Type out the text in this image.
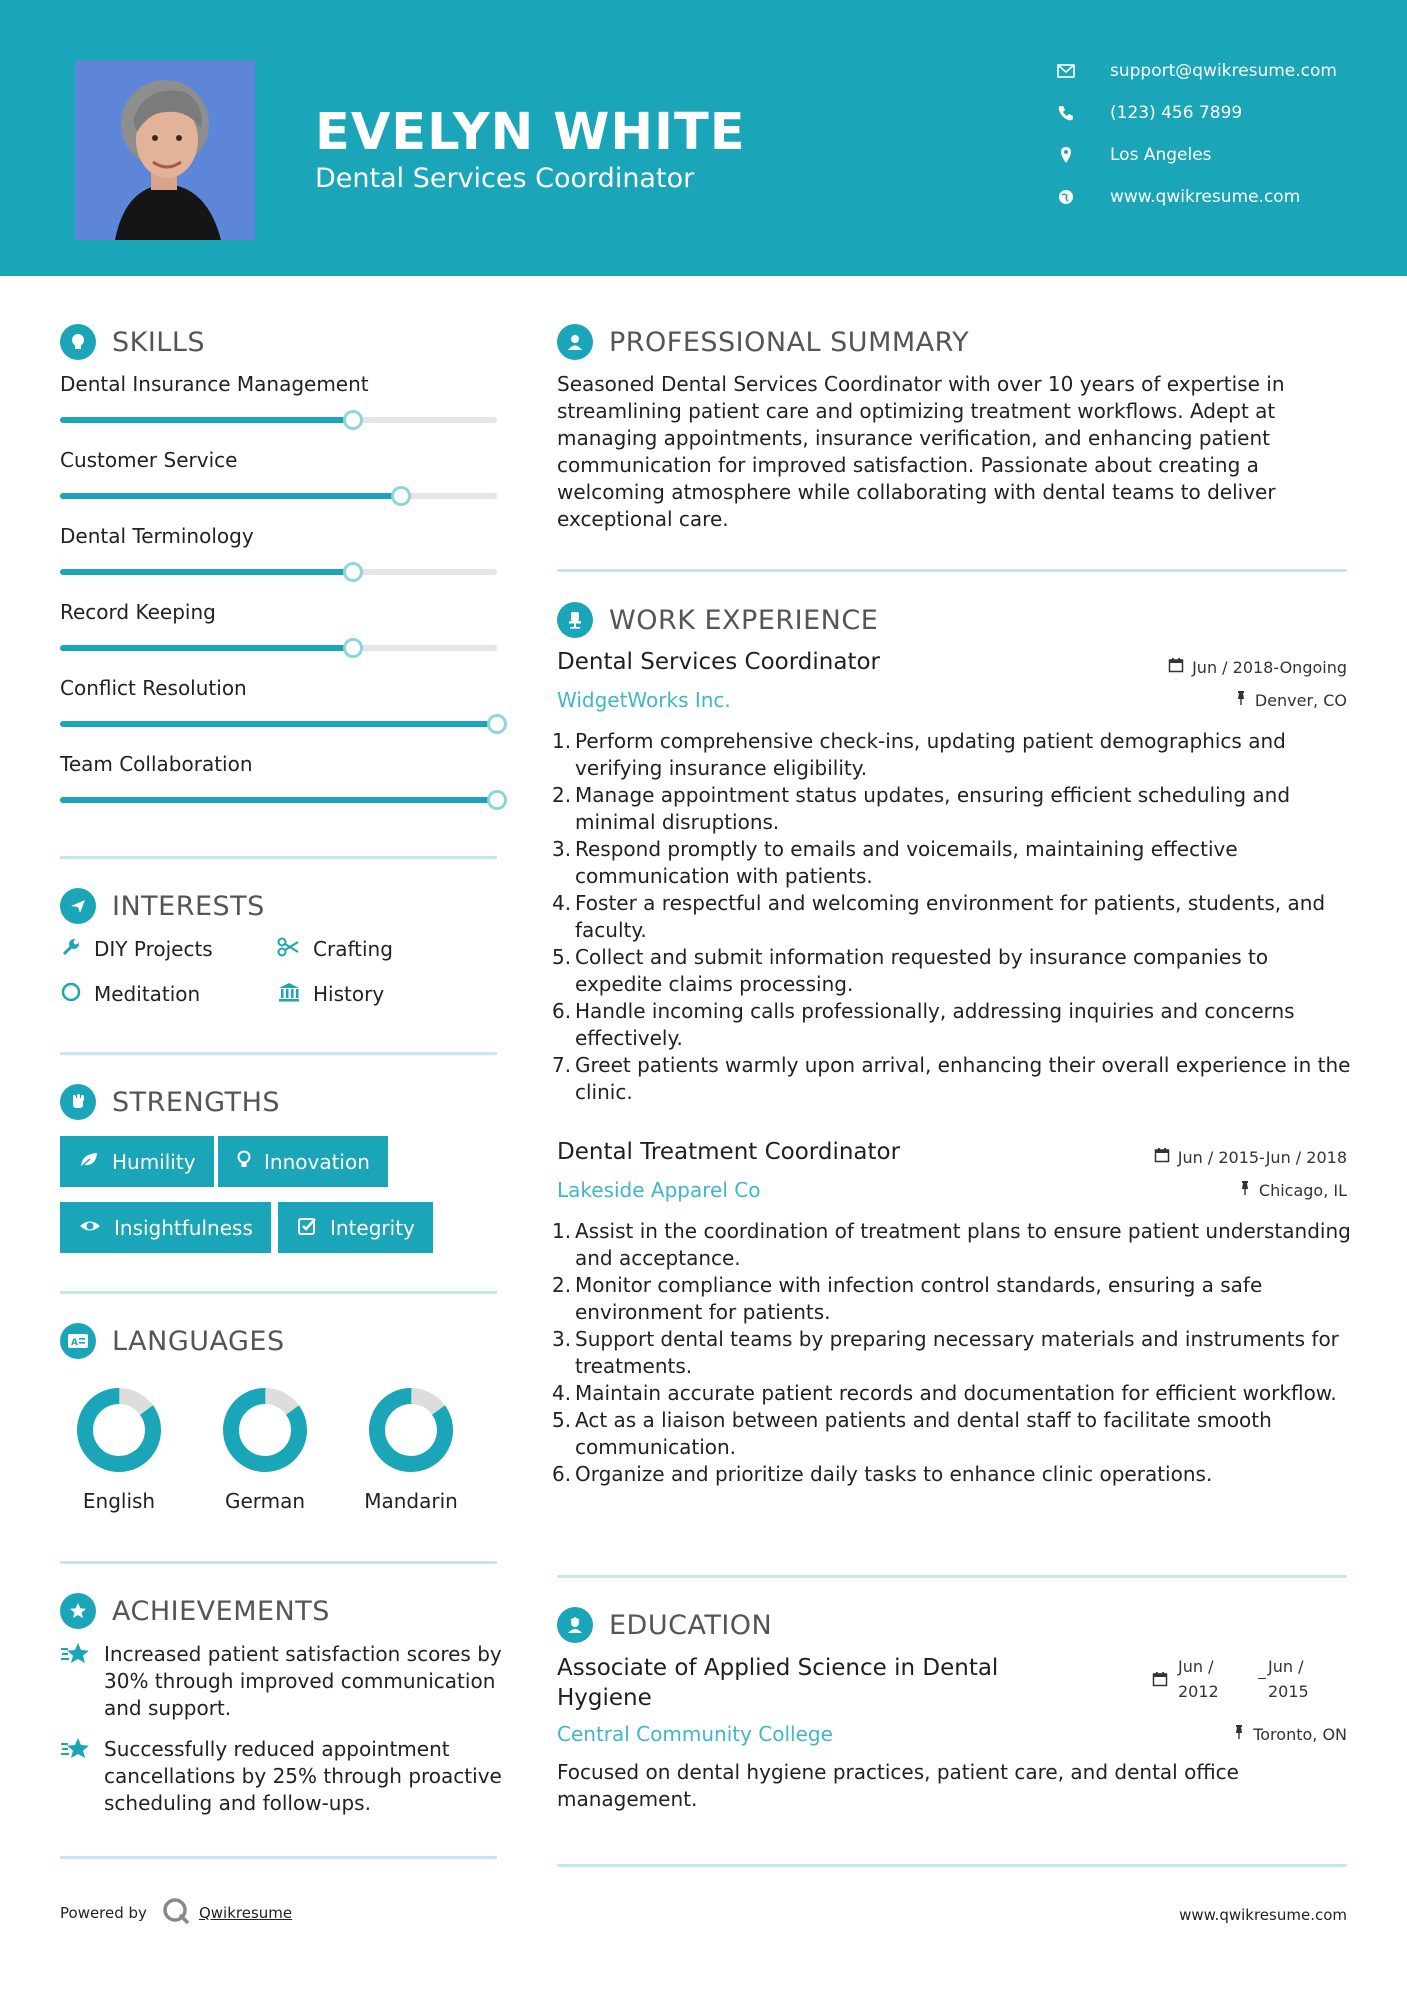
EVELYN WHITE
Dental Services Coordinator
support@qwikresume.com
(123) 456 7899
Los Angeles
www.qwikresume.com
SKILLS
Dental Insurance Management
Customer Service
Dental Terminology
Record Keeping
Conflict Resolution
Team Collaboration
INTERESTS
DIY Projects	Crafting
Meditation	History
STRENGTHS
Humility	Innovation
Insightfulness	Integrity
A LANGUAGES
English	German	Mandarin
ACHIEVEMENTS
Increased patient satisfaction scores by 30% through improved communication and support.
Successfully reduced appointment cancellations by 25% through proactive scheduling and follow-ups.
PROFESSIONAL SUMMARY
Seasoned Dental Services Coordinator with over 10 years of expertise in streamlining patient care and optimizing treatment workflows. Adept at managing appointments, insurance verification, and enhancing patient communication for improved satisfaction. Passionate about creating a welcoming atmosphere while collaborating with dental teams to deliver exceptional care.
WORK EXPERIENCE
Dental Services Coordinator
WidgetWorks Inc.
Jun / 2018-Ongoing
Denver, CO
1. Perform comprehensive check-ins, updating patient demographics and verifying insurance eligibility.
2. Manage appointment status updates, ensuring efficient scheduling and minimal disruptions.
3. Respond promptly to emails and voicemails, maintaining effective communication with patients.
4. Foster a respectful and welcoming environment for patients, students, and faculty.
5. Collect and submit information requested by insurance companies to expedite claims processing.
6. Handle incoming calls professionally, addressing inquiries and concerns effectively.
7. Greet patients warmly upon arrival, enhancing their overall experience in the clinic.
Dental Treatment Coordinator
Lakeside Apparel Co
Jun / 2015-Jun / 2018
Chicago, IL
1. Assist in the coordination of treatment plans to ensure patient understanding and acceptance.
2. Monitor compliance with infection control standards, ensuring a safe environment for patients.
3. Support dental teams by preparing necessary materials and instruments for treatments.
4. Maintain accurate patient records and documentation for efficient workflow.
5. Act as a liaison between patients and dental staff to facilitate smooth communication.
6. Organize and prioritize daily tasks to enhance clinic operations.
EDUCATION
Associate of Applied Science in Dental Hygiene
Jun /
2012
Jun /
2015
Central Community College	Toronto, ON
Focused on dental hygiene practices, patient care, and dental office management.
Powered by	Qwikresume	www.qwikresume.com
